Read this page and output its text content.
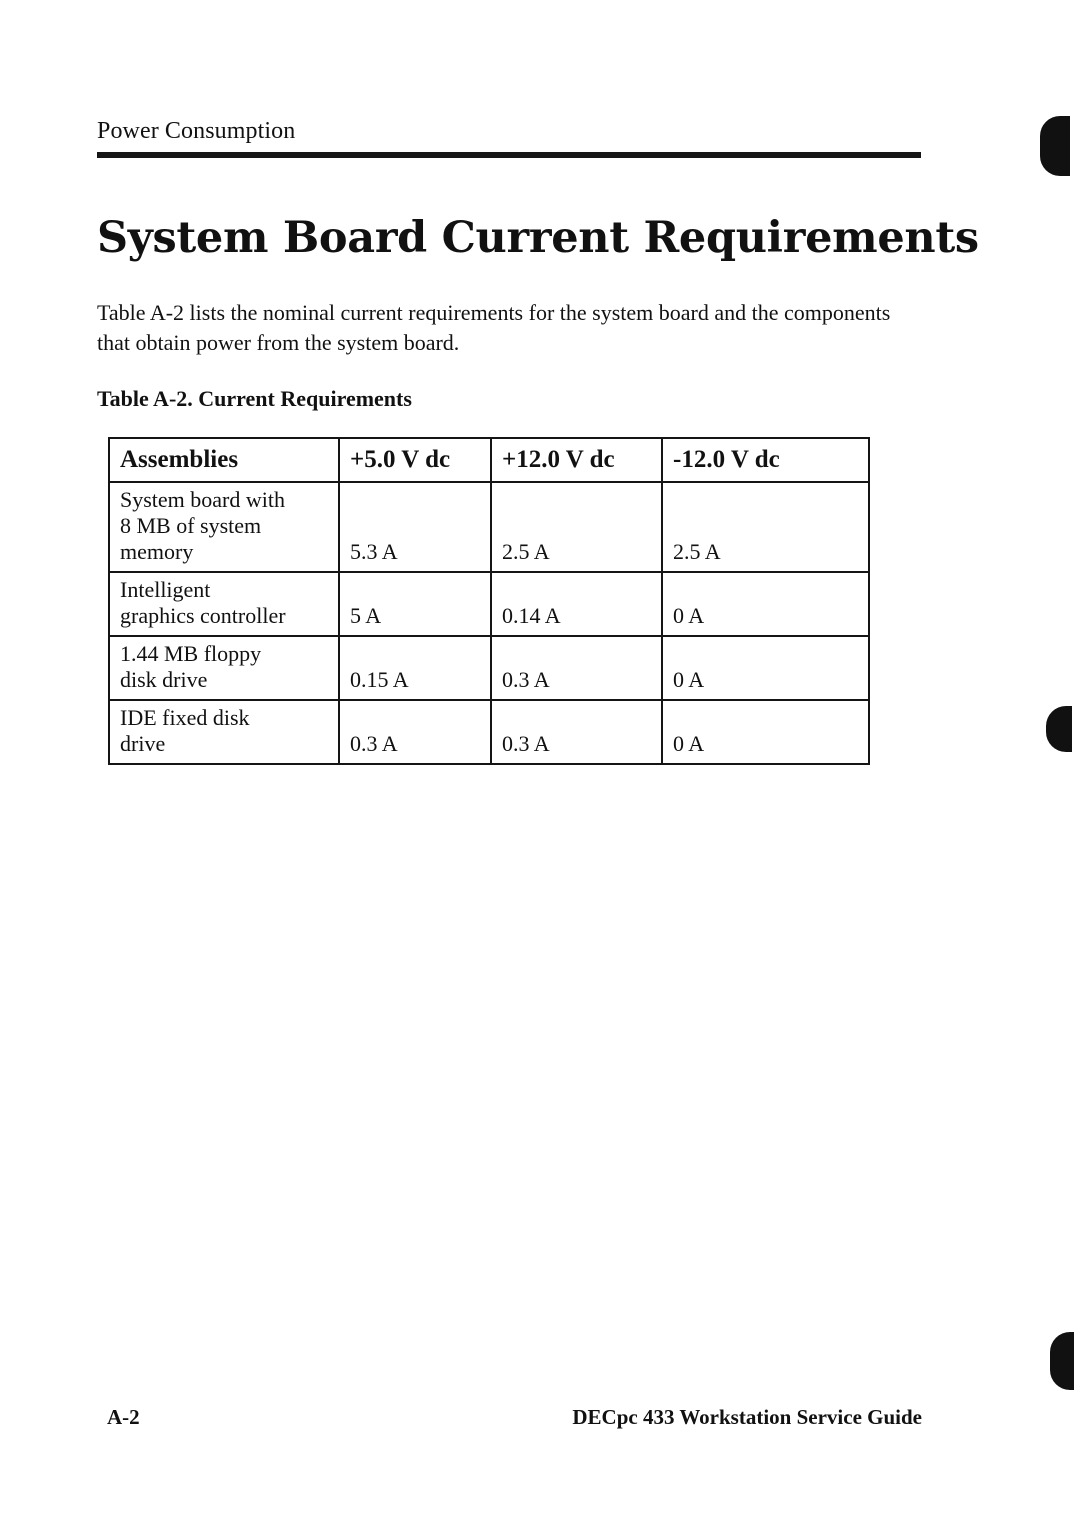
Power Consumption
System Board Current Requirements

Table A-2 lists the nominal current requirements for the system board and the components that obtain power from the system board.

Table A-2. Current Requirements
Assemblies	+5.0 V dc	+12.0 V dc	-12.0 V dc
System board with
8 MB of system
memory	5.3 A	2.5 A	2.5 A
Intelligent
graphics controller	5 A	0.14 A	0 A
1.44 MB floppy
disk drive	0.15 A	0.3 A	0 A
IDE fixed disk
drive	0.3 A	0.3 A	0 A
A-2	DECpc 433 Workstation Service Guide
